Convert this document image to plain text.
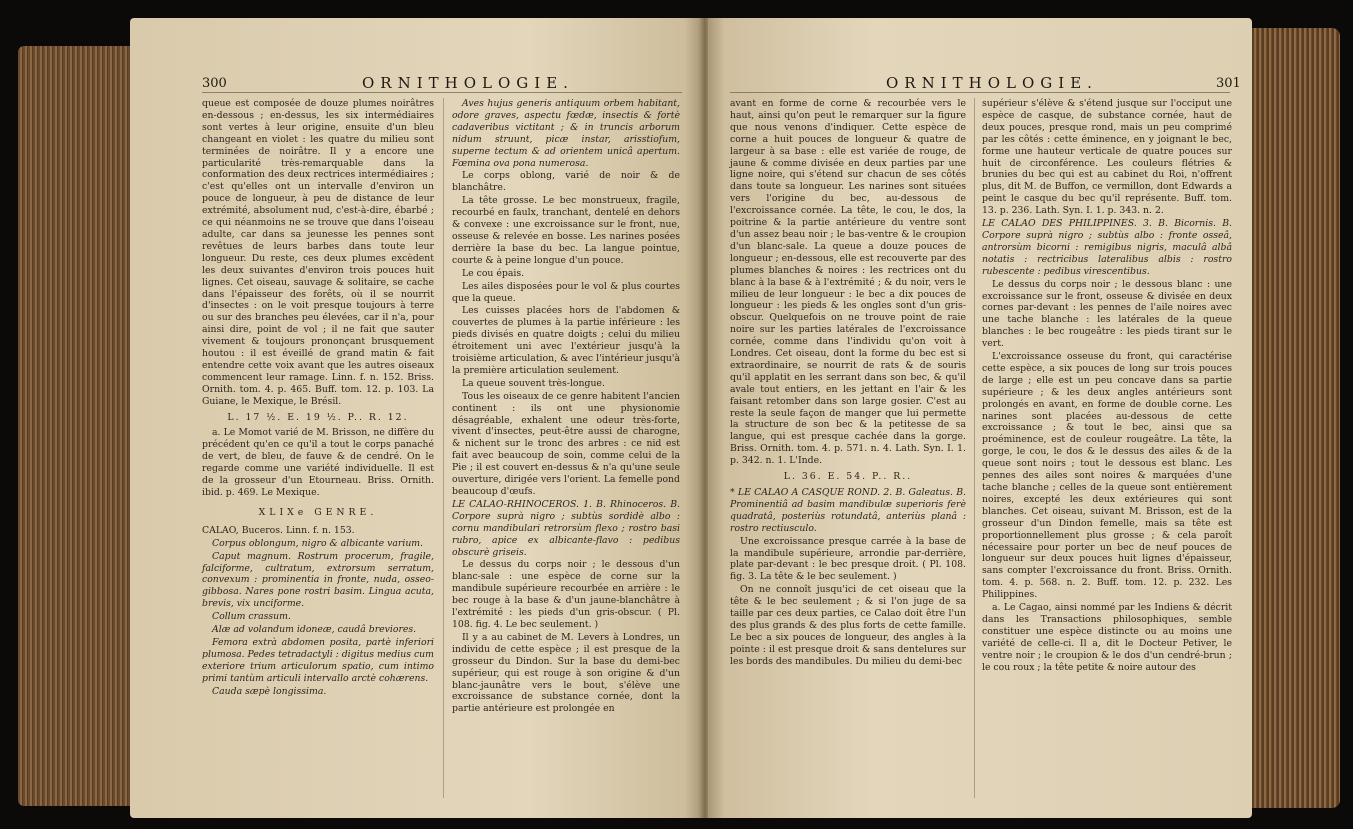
300	ORNITHOLOGIE.

queue est composée de douze plumes noirâtres en-dessous ; en-dessus, les six intermédiaires sont vertes à leur origine, ensuite d'un bleu changeant en violet : les quatre du milieu sont terminées de noirâtre. Il y a encore une particularité très-remarquable dans la conformation des deux rectrices intermédiaires ; c'est qu'elles ont un intervalle d'environ un pouce de longueur, à peu de distance de leur extrémité, absolument nud, c'est-à-dire, ébarbé ; ce qui néanmoins ne se trouve que dans l'oiseau adulte, car dans sa jeunesse les pennes sont revêtues de leurs barbes dans toute leur longueur. Du reste, ces deux plumes excèdent les deux suivantes d'environ trois pouces huit lignes. Cet oiseau, sauvage & solitaire, se cache dans l'épaisseur des forêts, où il se nourrit d'insectes : on le voit presque toujours à terre ou sur des branches peu élevées, car il n'a, pour ainsi dire, point de vol ; il ne fait que sauter vivement & toujours prononçant brusquement houtou : il est éveillé de grand matin & fait entendre cette voix avant que les autres oiseaux commencent leur ramage. Linn. f. n. 152. Briss. Ornith. tom. 4. p. 465. Buff. tom. 12. p. 103. La Guiane, le Mexique, le Brésil.

L. 17 ½. E. 19 ½. P.. R. 12.

a. Le Momot varié de M. Brisson, ne diffère du précédent qu'en ce qu'il a tout le corps panaché de vert, de bleu, de fauve & de cendré. On le regarde comme une variété individuelle. Il est de la grosseur d'un Etourneau. Briss. Ornith. ibid. p. 469. Le Mexique.

XLIXe GENRE.

CALAO, Buceros. Linn. f. n. 153.

Corpus oblongum, nigro & albicante varium.

Caput magnum. Rostrum procerum, fragile, falciforme, cultratum, extrorsum serratum, convexum : prominentia in fronte, nuda, osseo-gibbosa. Nares pone rostri basim. Lingua acuta, brevis, vix unciforme.

Collum crassum.

Alæ ad volandum idoneæ, caudâ breviores.

Femora extrà abdomen posita, partè inferiori plumosa. Pedes tetradactyli : digitus medius cum exteriore trium articulorum spatio, cum intimo primi tantùm articuli intervallo arctè cohærens.

Cauda sæpè longissima.

Aves hujus generis antiquum orbem habitant, odore graves, aspectu fœdæ, insectis & fortè cadaveribus victitant ; & in truncis arborum nidum struunt, picæ instar, arisstiofum, superne tectum & ad orientem unicâ apertum. Fœmina ova pona numerosa.

Le corps oblong, varié de noir & de blanchâtre.

La tête grosse. Le bec monstrueux, fragile, recourbé en faulx, tranchant, dentelé en dehors & convexe : une excroissance sur le front, nue, osseuse & relevée en bosse. Les narines posées derrière la base du bec. La langue pointue, courte & à peine longue d'un pouce.

Le cou épais.

Les ailes disposées pour le vol & plus courtes que la queue.

Les cuisses placées hors de l'abdomen & couvertes de plumes à la partie inférieure : les pieds divisés en quatre doigts ; celui du milieu étroitement uni avec l'extérieur jusqu'à la troisième articulation, & avec l'intérieur jusqu'à la première articulation seulement.

La queue souvent très-longue.

Tous les oiseaux de ce genre habitent l'ancien continent : ils ont une physionomie désagréable, exhalent une odeur très-forte, vivent d'insectes, peut-être aussi de charogne, & nichent sur le tronc des arbres : ce nid est fait avec beaucoup de soin, comme celui de la Pie ; il est couvert en-dessus & n'a qu'une seule ouverture, dirigée vers l'orient. La femelle pond beaucoup d'œufs.

LE CALAO-RHINOCEROS. 1. B. Rhinoceros. B. Corpore suprà nigro ; subtùs sordidè albo : cornu mandibulari retrorsùm flexo ; rostro basi rubro, apice ex albicante-flavo : pedibus obscurè griseis.

Le dessus du corps noir ; le dessous d'un blanc-sale : une espèce de corne sur la mandibule supérieure recourbée en arrière : le bec rouge à la base & d'un jaune-blanchâtre à l'extrémité : les pieds d'un gris-obscur. ( Pl. 108. fig. 4. Le bec seulement. )

Il y a au cabinet de M. Levers à Londres, un individu de cette espèce ; il est presque de la grosseur du Dindon. Sur la base du demi-bec supérieur, qui est rouge à son origine & d'un blanc-jaunâtre vers le bout, s'élève une excroissance de substance cornée, dont la partie antérieure est prolongée en

ORNITHOLOGIE.	301

avant en forme de corne & recourbée vers le haut, ainsi qu'on peut le remarquer sur la figure que nous venons d'indiquer. Cette espèce de corne a huit pouces de longueur & quatre de largeur à sa base : elle est variée de rouge, de jaune & comme divisée en deux parties par une ligne noire, qui s'étend sur chacun de ses côtés dans toute sa longueur. Les narines sont situées vers l'origine du bec, au-dessous de l'excroissance cornée. La tête, le cou, le dos, la poitrine & la partie antérieure du ventre sont d'un assez beau noir ; le bas-ventre & le croupion d'un blanc-sale. La queue a douze pouces de longueur ; en-dessous, elle est recouverte par des plumes blanches & noires : les rectrices ont du blanc à la base & à l'extrémité ; & du noir, vers le milieu de leur longueur : le bec a dix pouces de longueur : les pieds & les ongles sont d'un gris-obscur. Quelquefois on ne trouve point de raie noire sur les parties latérales de l'excroissance cornée, comme dans l'individu qu'on voit à Londres. Cet oiseau, dont la forme du bec est si extraordinaire, se nourrit de rats & de souris qu'il applatit en les serrant dans son bec, & qu'il avale tout entiers, en les jettant en l'air & les faisant retomber dans son large gosier. C'est au reste la seule façon de manger que lui permette la structure de son bec & la petitesse de sa langue, qui est presque cachée dans la gorge. Briss. Ornith. tom. 4. p. 571. n. 4. Lath. Syn. I. 1. p. 342. n. 1. L'Inde.

L. 36. E. 54. P.. R..

* LE CALAO A CASQUE ROND. 2. B. Galeatus. B. Prominentiâ ad basim mandibulæ superioris ferè quadratâ, posteriùs rotundatâ, anteriùs planâ : rostro rectiusculo.

Une excroissance presque carrée à la base de la mandibule supérieure, arrondie par-derrière, plate par-devant : le bec presque droit. ( Pl. 108. fig. 3. La tête & le bec seulement. )

On ne connoît jusqu'ici de cet oiseau que la tête & le bec seulement ; & si l'on juge de sa taille par ces deux parties, ce Calao doit être l'un des plus grands & des plus forts de cette famille. Le bec a six pouces de longueur, des angles à la pointe : il est presque droit & sans dentelures sur les bords des mandibules. Du milieu du demi-bec

supérieur s'élève & s'étend jusque sur l'occiput une espèce de casque, de substance cornée, haut de deux pouces, presque rond, mais un peu comprimé par les côtés : cette éminence, en y joignant le bec, forme une hauteur verticale de quatre pouces sur huit de circonférence. Les couleurs flétries & brunies du bec qui est au cabinet du Roi, n'offrent plus, dit M. de Buffon, ce vermillon, dont Edwards a peint le casque du bec qu'il représente. Buff. tom. 13. p. 236. Lath. Syn. I. 1. p. 343. n. 2.

LE CALAO DES PHILIPPINES. 3. B. Bicornis. B. Corpore suprà nigro ; subtùs albo : fronte osseâ, antrorsùm bicorni : remigibus nigris, maculâ albâ notatis : rectricibus lateralibus albis : rostro rubescente : pedibus virescentibus.

Le dessus du corps noir ; le dessous blanc : une excroissance sur le front, osseuse & divisée en deux cornes par-devant : les pennes de l'aile noires avec une tache blanche : les latérales de la queue blanches : le bec rougeâtre : les pieds tirant sur le vert.

L'excroissance osseuse du front, qui caractérise cette espèce, a six pouces de long sur trois pouces de large ; elle est un peu concave dans sa partie supérieure ; & les deux angles antérieurs sont prolongés en avant, en forme de double corne. Les narines sont placées au-dessous de cette excroissance ; & tout le bec, ainsi que sa proéminence, est de couleur rougeâtre. La tête, la gorge, le cou, le dos & le dessus des ailes & de la queue sont noirs ; tout le dessous est blanc. Les pennes des ailes sont noires & marquées d'une tache blanche ; celles de la queue sont entièrement noires, excepté les deux extérieures qui sont blanches. Cet oiseau, suivant M. Brisson, est de la grosseur d'un Dindon femelle, mais sa tête est proportionnellement plus grosse ; & cela paroît nécessaire pour porter un bec de neuf pouces de longueur sur deux pouces huit lignes d'épaisseur, sans compter l'excroissance du front. Briss. Ornith. tom. 4. p. 568. n. 2. Buff. tom. 12. p. 232. Les Philippines.

a. Le Cagao, ainsi nommé par les Indiens & décrit dans les Transactions philosophiques, semble constituer une espèce distincte ou au moins une variété de celle-ci. Il a, dit le Docteur Petiver, le ventre noir ; le croupion & le dos d'un cendré-brun ; le cou roux ; la tête petite & noire autour des
